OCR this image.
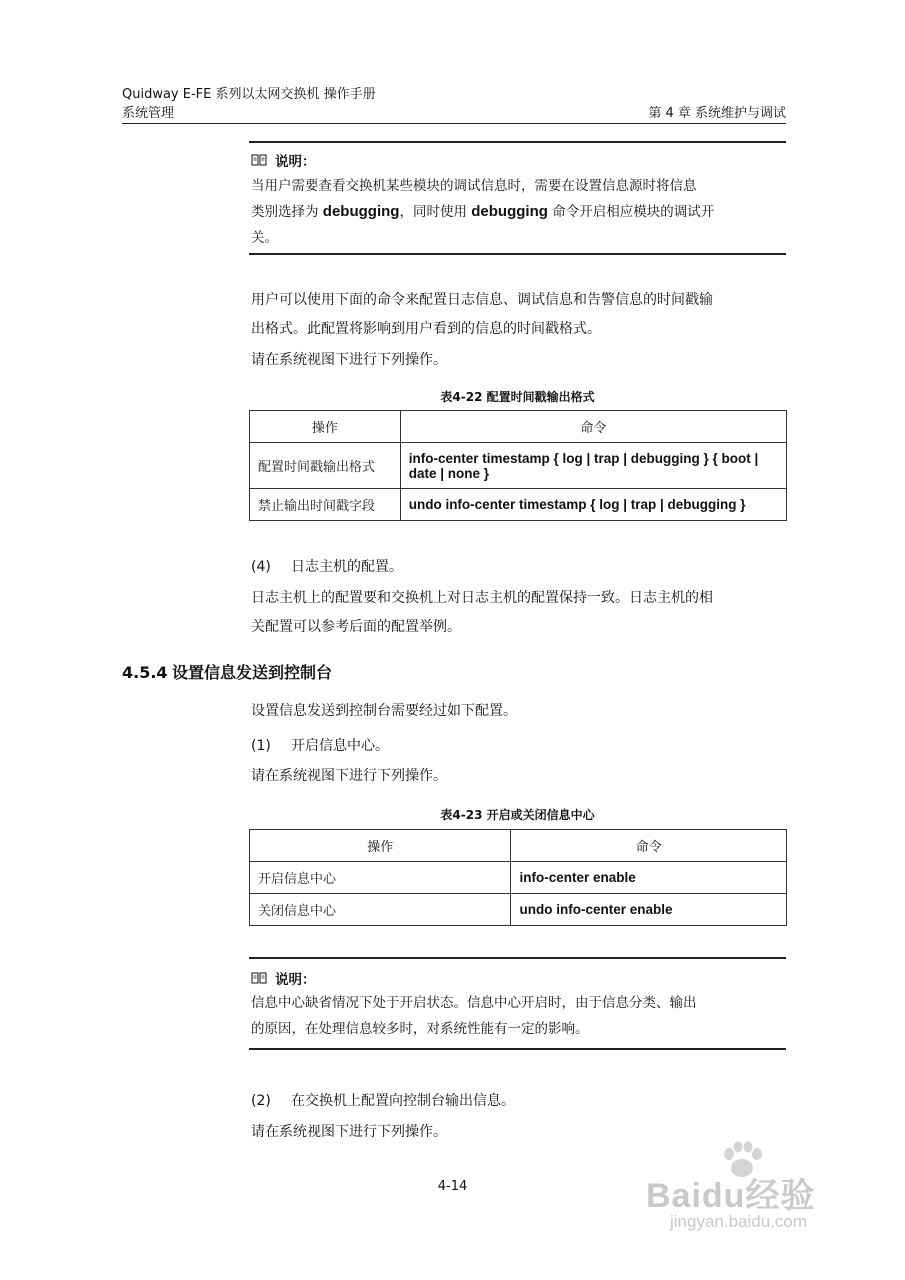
Quidway E-FE 系列以太网交换机 操作手册
系统管理	第 4 章 系统维护与调试
说明：
当用户需要查看交换机某些模块的调试信息时，需要在设置信息源时将信息
类别选择为 debugging，同时使用 debugging 命令开启相应模块的调试开
关。
用户可以使用下面的命令来配置日志信息、调试信息和告警信息的时间戳输
出格式。此配置将影响到用户看到的信息的时间戳格式。
请在系统视图下进行下列操作。
表4-22 配置时间戳输出格式
操作	命令
配置时间戳输出格式	info-center timestamp { log | trap | debugging } { boot | date | none }
禁止输出时间戳字段	undo info-center timestamp { log | trap | debugging }
(4) 日志主机的配置。
日志主机上的配置要和交换机上对日志主机的配置保持一致。日志主机的相
关配置可以参考后面的配置举例。
4.5.4 设置信息发送到控制台
设置信息发送到控制台需要经过如下配置。
(1) 开启信息中心。
请在系统视图下进行下列操作。
表4-23 开启或关闭信息中心
操作	命令
开启信息中心	info-center enable
关闭信息中心	undo info-center enable
说明：
信息中心缺省情况下处于开启状态。信息中心开启时，由于信息分类、输出
的原因，在处理信息较多时，对系统性能有一定的影响。
(2) 在交换机上配置向控制台输出信息。
请在系统视图下进行下列操作。
4-14	Baidu经验
jingyan.baidu.com
